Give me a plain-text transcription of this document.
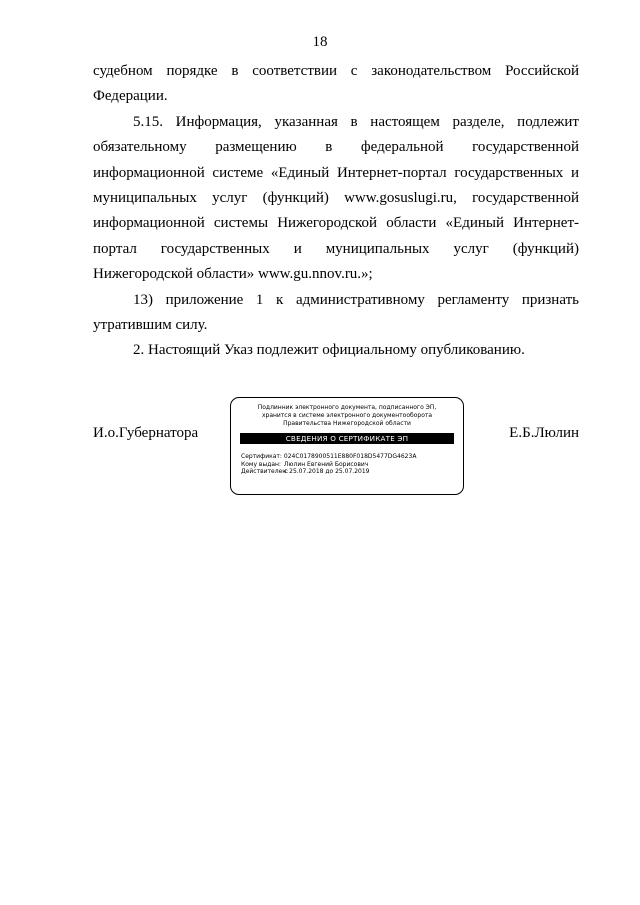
18

судебном порядке в соответствии с законодательством Российской Федерации.

5.15. Информация, указанная в настоящем разделе, подлежит обязательному размещению в федеральной государственной информационной системе «Единый Интернет-портал государственных и муниципальных услуг (функций) www.gosuslugi.ru, государственной информационной системы Нижегородской области «Единый Интернет-портал государственных и муниципальных услуг (функций) Нижегородской области» www.gu.nnov.ru.»;

13) приложение 1 к административному регламенту признать утратившим силу.

2. Настоящий Указ подлежит официальному опубликованию.

И.о.Губернатора
Подлинник электронного документа, подписанного ЭП,
хранится в системе электронного документооборота
Правительства Нижегородской области
СВЕДЕНИЯ О СЕРТИФИКАТЕ ЭП
Сертификат: 024C0178900511E880F018D5477DG4623A
Кому выдан: Люлин Евгений Борисович
Действителен: с 25.07.2018 до 25.07.2019
Е.Б.Люлин
